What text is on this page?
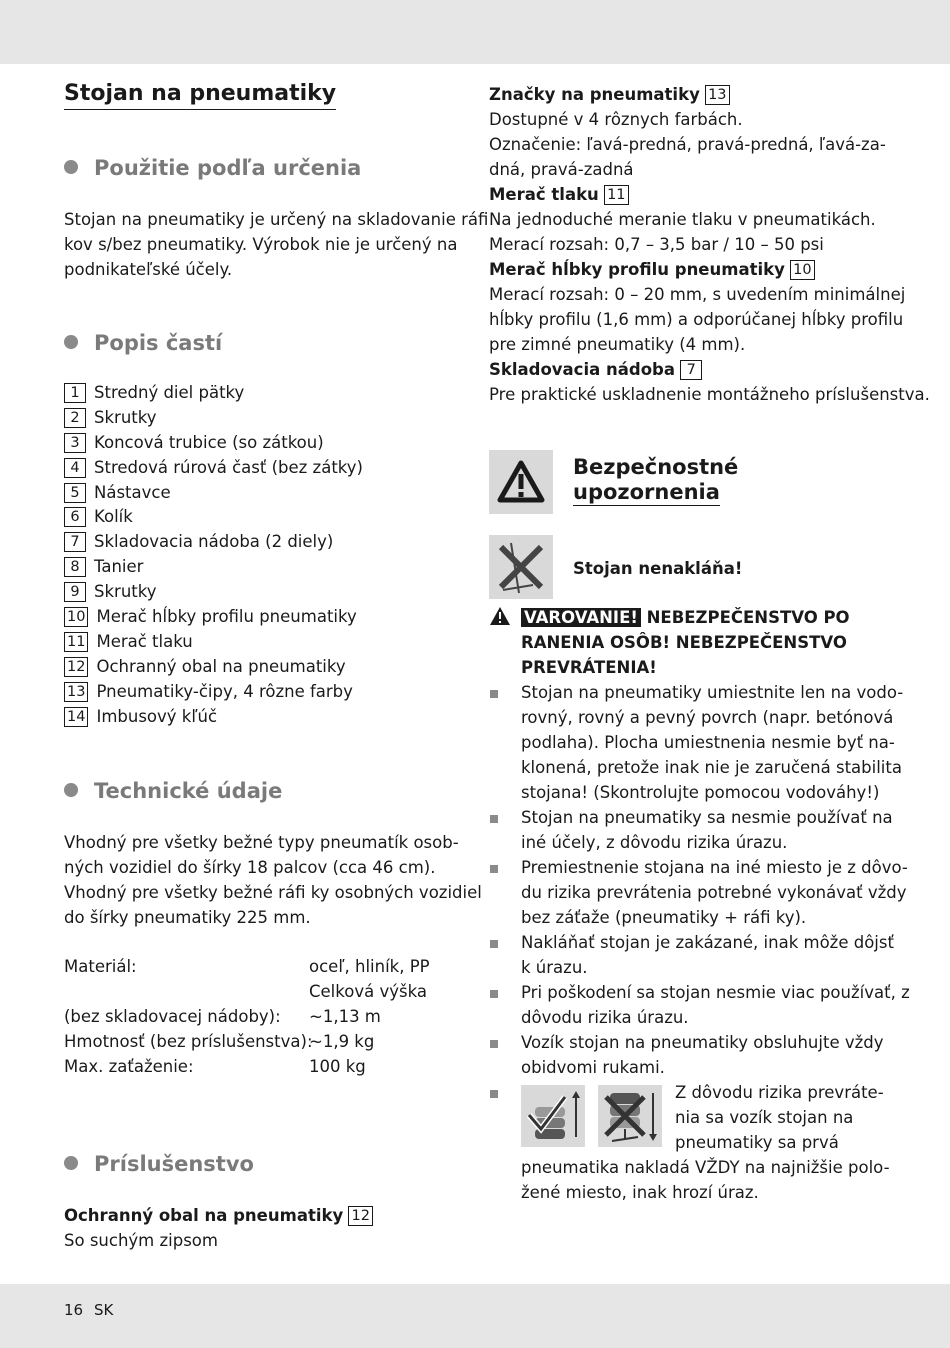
16 SK
Stojan na pneumatiky
Použitie podľa určenia
Stojan na pneumatiky je určený na skladovanie ráfi
kov s/bez pneumatiky. Výrobok nie je určený na
podnikateľské účely.
Popis častí
1 Stredný diel pätky
2 Skrutky
3 Koncová trubice (so zátkou)
4 Stredová rúrová časť (bez zátky)
5 Nástavce
6 Kolík
7 Skladovacia nádoba (2 diely)
8 Tanier
9 Skrutky
10 Merač hĺbky profilu pneumatiky
11 Merač tlaku
12 Ochranný obal na pneumatiky
13 Pneumatiky-čipy, 4 rôzne farby
14 Imbusový kľúč
Technické údaje
Vhodný pre všetky bežné typy pneumatík osob-
ných vozidiel do šírky 18 palcov (cca 46 cm).
Vhodný pre všetky bežné ráfi ky osobných vozidiel
do šírky pneumatiky 225 mm.
Materiál:	oceľ, hliník, PP
Celková výška
(bez skladovacej nádoby): ~1,13 m
Hmotnosť (bez príslušenstva):
~1,9 kg
Max. zaťaženie:	100 kg
Príslušenstvo
Ochranný obal na pneumatiky 12
So suchým zipsom
Značky na pneumatiky 13
Dostupné v 4 rôznych farbách.
Označenie: ľavá-predná, pravá-predná, ľavá-za-
dná, pravá-zadná
Merač tlaku 11
Na jednoduché meranie tlaku v pneumatikách.
Merací rozsah: 0,7 – 3,5 bar / 10 – 50 psi
Merač hĺbky profilu pneumatiky 10
Merací rozsah: 0 – 20 mm, s uvedením minimálnej
hĺbky profilu (1,6 mm) a odporúčanej hĺbky profilu
pre zimné pneumatiky (4 mm).
Skladovacia nádoba 7
Pre praktické uskladnenie montážneho príslušenstva.
Bezpečnostné
upozornenia
Stojan nenakláňa!
VAROVANIE! NEBEZPEČENSTVO PO
RANENIA OSÔB! NEBEZPEČENSTVO
PREVRÁTENIA!
Stojan na pneumatiky umiestnite len na vodo-
rovný, rovný a pevný povrch (napr. betónová
podlaha). Plocha umiestnenia nesmie byť na-
klonená, pretože inak nie je zaručená stabilita
stojana! (Skontrolujte pomocou vodováhy!)
Stojan na pneumatiky sa nesmie používať na
iné účely, z dôvodu rizika úrazu.
Premiestnenie stojana na iné miesto je z dôvo-
du rizika prevrátenia potrebné vykonávať vždy
bez záťaže (pneumatiky + ráfi ky).
Nakláňať stojan je zakázané, inak môže dôjsť
k úrazu.
Pri poškodení sa stojan nesmie viac používať, z
dôvodu rizika úrazu.
Vozík stojan na pneumatiky obsluhujte vždy
obidvomi rukami.
Z dôvodu rizika prevráte-
nia sa vozík stojan na
pneumatiky sa prvá
pneumatika nakladá VŽDY na najnižšie polo-
žené miesto, inak hrozí úraz.
